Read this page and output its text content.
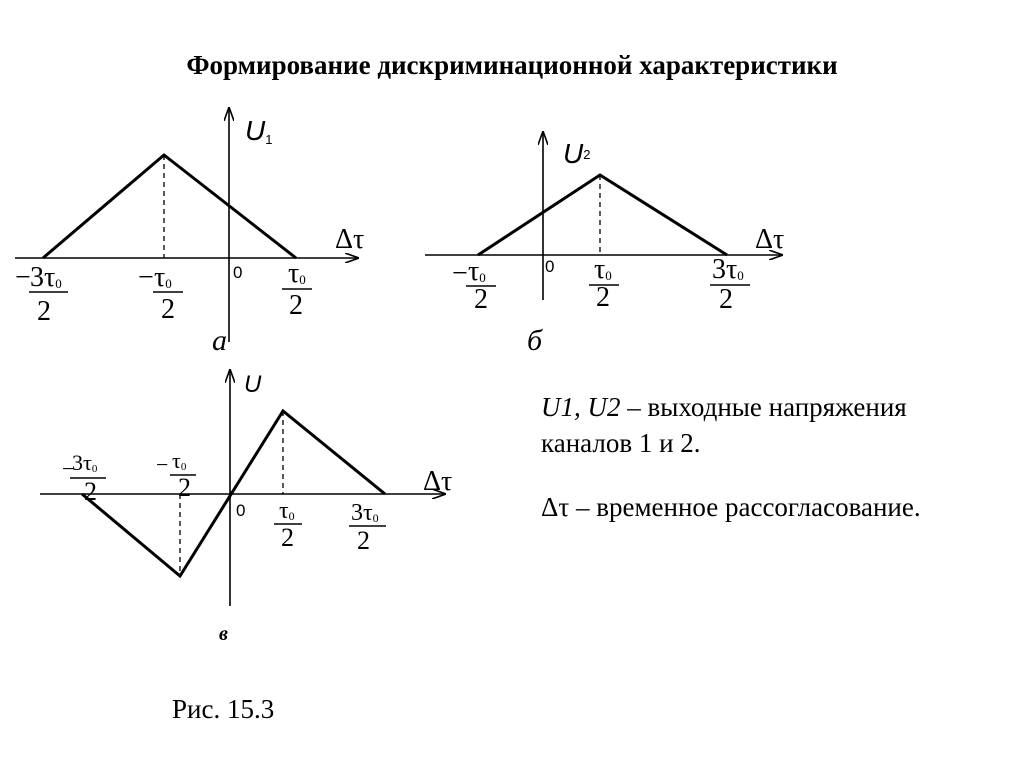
Формирование дискриминационной характеристики
U1
Δτ
0
− 3τ0
2
− τ0
2
τ0
2
а
U2
Δτ
0
− τ0
2
τ0
2
3τ0
2
б
U
Δτ
0
−
3τ0
2
− τ0
2
τ0
2
3τ0
2
в
U1, U2 – выходные напряжения
каналов 1 и 2.
Δτ – временное рассогласование.
Рис. 15.3
